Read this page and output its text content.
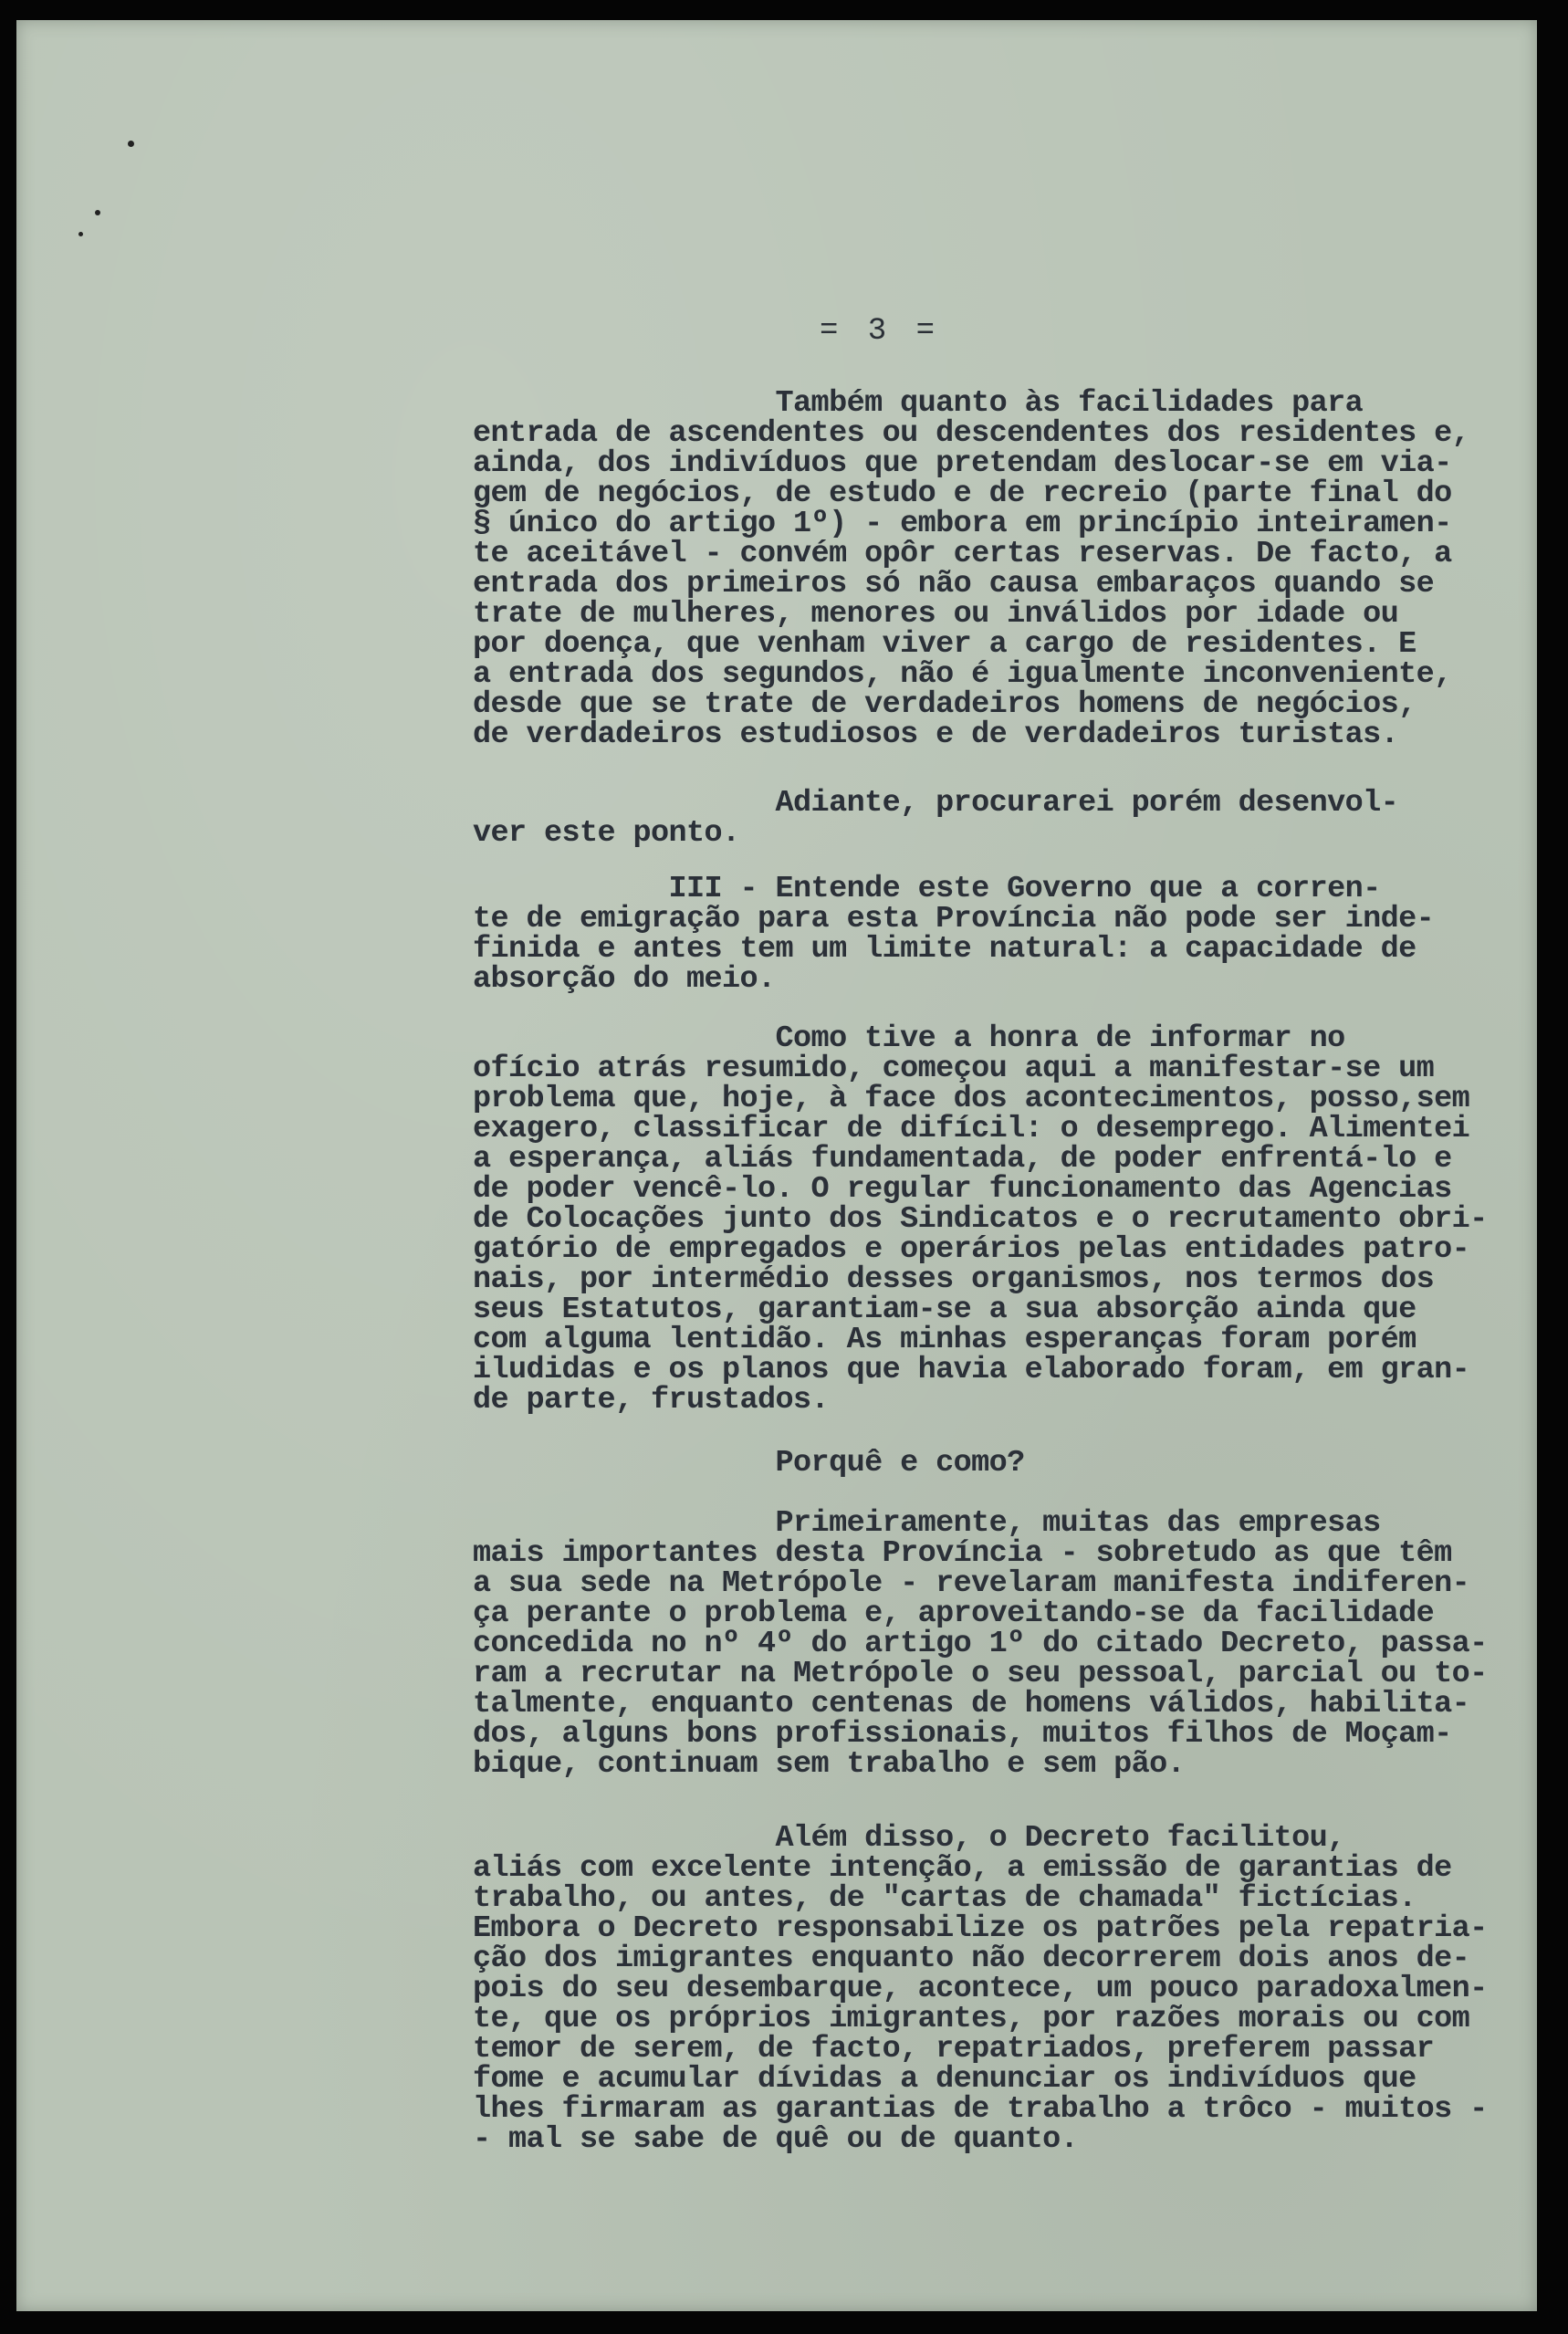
= 3 =

Também quanto às facilidades para
entrada de ascendentes ou descendentes dos residentes e,
ainda, dos indivíduos que pretendam deslocar-se em via-
gem de negócios, de estudo e de recreio (parte final do
§ único do artigo 1º) - embora em princípio inteiramen-
te aceitável - convém opôr certas reservas. De facto, a
entrada dos primeiros só não causa embaraços quando se
trate de mulheres, menores ou inválidos por idade ou
por doença, que venham viver a cargo de residentes. E
a entrada dos segundos, não é igualmente inconveniente,
desde que se trate de verdadeiros homens de negócios,
de verdadeiros estudiosos e de verdadeiros turistas.

Adiante, procurarei porém desenvol-
ver este ponto.

III - Entende este Governo que a corren-
te de emigração para esta Província não pode ser inde-
finida e antes tem um limite natural: a capacidade de
absorção do meio.

Como tive a honra de informar no
ofício atrás resumido, começou aqui a manifestar-se um
problema que, hoje, à face dos acontecimentos, posso,sem
exagero, classificar de difícil: o desemprego. Alimentei
a esperança, aliás fundamentada, de poder enfrentá-lo e
de poder vencê-lo. O regular funcionamento das Agencias
de Colocações junto dos Sindicatos e o recrutamento obri-
gatório de empregados e operários pelas entidades patro-
nais, por intermédio desses organismos, nos termos dos
seus Estatutos, garantiam-se a sua absorção ainda que
com alguma lentidão. As minhas esperanças foram porém
iludidas e os planos que havia elaborado foram, em gran-
de parte, frustados.

Porquê e como?

Primeiramente, muitas das empresas
mais importantes desta Província - sobretudo as que têm
a sua sede na Metrópole - revelaram manifesta indiferen-
ça perante o problema e, aproveitando-se da facilidade
concedida no nº 4º do artigo 1º do citado Decreto, passa-
ram a recrutar na Metrópole o seu pessoal, parcial ou to-
talmente, enquanto centenas de homens válidos, habilita-
dos, alguns bons profissionais, muitos filhos de Moçam-
bique, continuam sem trabalho e sem pão.

Além disso, o Decreto facilitou,
aliás com excelente intenção, a emissão de garantias de
trabalho, ou antes, de "cartas de chamada" fictícias.
Embora o Decreto responsabilize os patrões pela repatria-
ção dos imigrantes enquanto não decorrerem dois anos de-
pois do seu desembarque, acontece, um pouco paradoxalmen-
te, que os próprios imigrantes, por razões morais ou com
temor de serem, de facto, repatriados, preferem passar
fome e acumular dívidas a denunciar os indivíduos que
lhes firmaram as garantias de trabalho a trôco - muitos -
- mal se sabe de quê ou de quanto.
